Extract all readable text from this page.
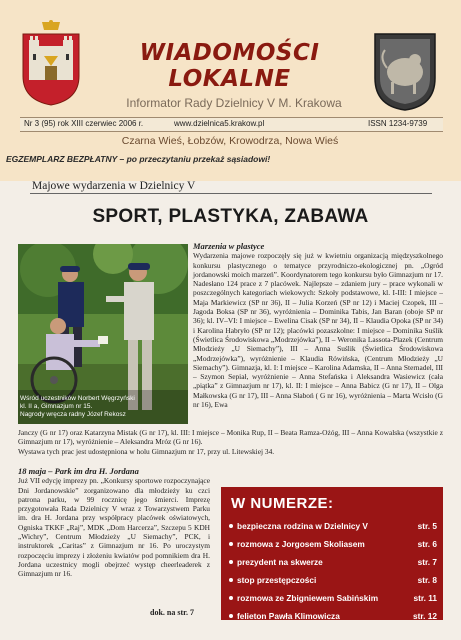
WIADOMOŚCI LOKALNE
Informator Rady Dzielnicy V M. Krakowa
Nr 3 (95) rok XIII czerwiec 2006 r.	www.dzielnica5.krakow.pl	ISSN 1234-9739
Czarna Wieś, Łobzów, Krowodrza, Nowa Wieś
EGZEMPLARZ BEZPŁATNY – po przeczytaniu przekaż sąsiadowi!
Majowe wydarzenia w Dzielnicy V
SPORT, PLASTYKA, ZABAWA
Wśród uczestników Norbert Węgrzyński
kl. II a, Gimnazjum nr 15.
Nagrody wręcza radny Józef Rekosz
Marzenia w plastyce
Wydarzenia majowe rozpoczęły się już w kwietniu organizacją międzyszkolnego konkursu plastycznego o tematyce przyrodniczo-ekologicznej pn. „Ogród jordanowski moich marzeń”. Koordynatorem tego konkursu było Gimnazjum nr 17. Nadesłano 124 prace z 7 placówek. Najlepsze – zdaniem jury – prace wykonali w poszczególnych kategoriach wiekowych: Szkoły podstawowe, kl. I-III: I miejsce – Maja Markiewicz (SP nr 36), II – Julia Korzeń (SP nr 12) i Maciej Czopek, III – Jagoda Boksa (SP nr 36), wyróżnienia – Dominika Tabis, Jan Baran (oboje SP nr 36); kl. IV–VI: I miejsce – Ewelina Cisak (SP nr 34), II – Klaudia Opoka (SP nr 34) i Karolina Habryło (SP nr 12); placówki pozaszkolne: I miejsce – Dominika Suślik (Świetlica Środowiskowa „Modrzejówka”), II – Weronika Lassota-Plazek (Centrum Młodzieży „U Siemachy”), III – Anna Suślik (Świetlica Środowiskowa „Modrzejówka”), wyróżnienie – Klaudia Rówińska, (Centrum Młodzieży „U Siemachy”). Gimnazja, kl. I: I miejsce – Karolina Adamska, II – Anna Sternadel, III – Szymon Sepiał, wyróżnienie – Anna Stefańska i Aleksandra Wasiewicz (cała „piątka” z Gimnazjum nr 17), kl. II: I miejsce – Anna Babicz (G nr 17), II – Olga Małkowska (G nr 17), III – Anna Słaboń ( G nr 16), wyróżnienia – Marta Wcisło (G nr 16), Ewa
Janczy (G nr 17) oraz Katarzyna Mistak (G nr 17), kl. III: I miejsce – Monika Rup, II – Beata Ramza-Ożóg, III – Anna Kowalska (wszystkie z Gimnazjum nr 17), wyróżnienie – Aleksandra Mróz (G nr 16).
Wystawa tych prac jest udostępniona w holu Gimnazjum nr 17, przy ul. Litewskiej 34.
18 maja – Park im dra H. Jordana
Już VII edycję imprezy pn. „Konkursy sportowe rozpoczynające Dni Jordanowskie” zorganizowano dla młodzieży ku czci patrona parku, w 99 rocznicę jego śmierci. Imprezę przygotowała Rada Dzielnicy V wraz z Towarzystwem Parku im. dra H. Jordana przy współpracy placówek oświatowych, Ogniska TKKF „Raj”, MDK „Dom Harcerza”, Szczepu 5 KDH „Wichry”, Centrum Młodzieży „U Siemachy”, PCK, i instruktorek „Caritas” z Gimnazjum nr 16. Po uroczystym rozpoczęciu imprezy i złożeniu kwiatów pod pomnikiem dra H. Jordana uczestnicy mogli obejrzeć występ cheerleaderek z Gimnazjum nr 16.
dok. na str. 7
W NUMERZE:
bezpieczna rodzina w Dzielnicy V	str. 5
rozmowa z Jorgosem Skoliasem	str. 6
prezydent na skwerze	str. 7
stop przestępczości	str. 8
rozmowa ze Zbigniewem Sabińskim	str. 11
felieton Pawła Klimowicza	str. 12
